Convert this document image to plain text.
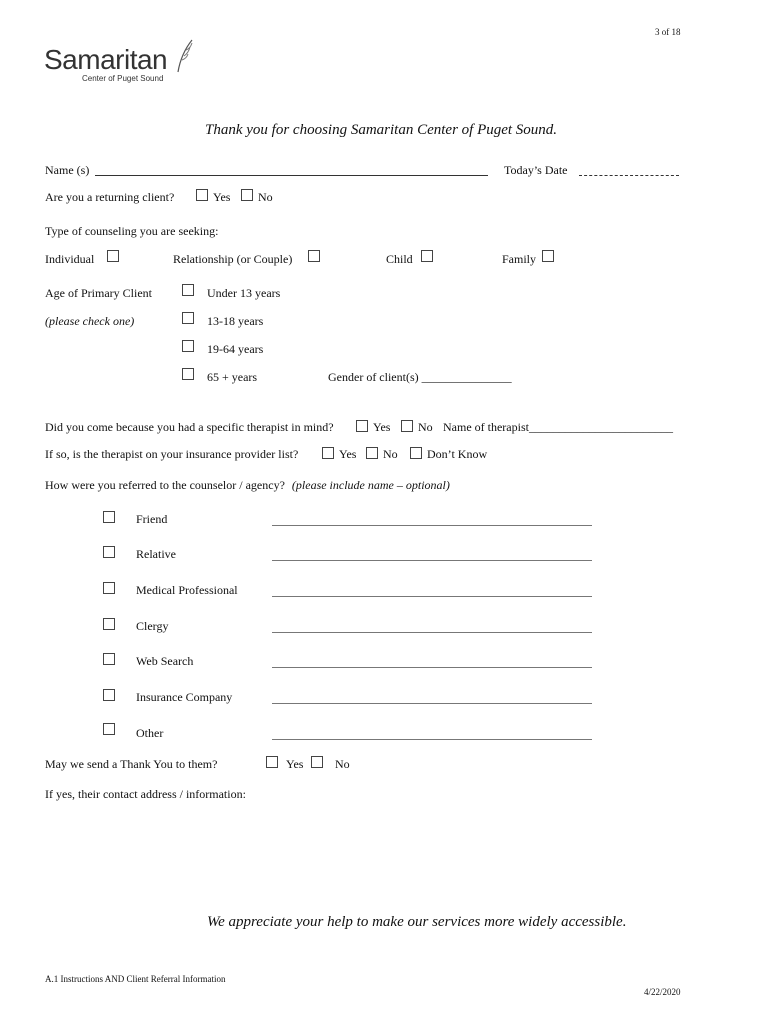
3 of 18
Samaritan
Center of Puget Sound
Thank you for choosing Samaritan Center of Puget Sound.
Name (s)	Today’s Date
Are you a returning client?	Yes No
Type of counseling you are seeking:
Individual	Relationship (or Couple)	Child	Family
Age of Primary Client
(please check one)
Under 13 years
13-18 years
19-64 years
65 + years	Gender of client(s) _______________
Did you come because you had a specific therapist in mind?	Yes No Name of therapist________________________
If so, is the therapist on your insurance provider list?	Yes No Don’t Know
How were you referred to the counselor / agency? (please include name – optional)
Friend
Relative
Medical Professional
Clergy
Web Search
Insurance Company
Other
May we send a Thank You to them?	Yes	No
If yes, their contact address / information:
We appreciate your help to make our services more widely accessible.
A.1 Instructions AND Client Referral Information
4/22/2020
